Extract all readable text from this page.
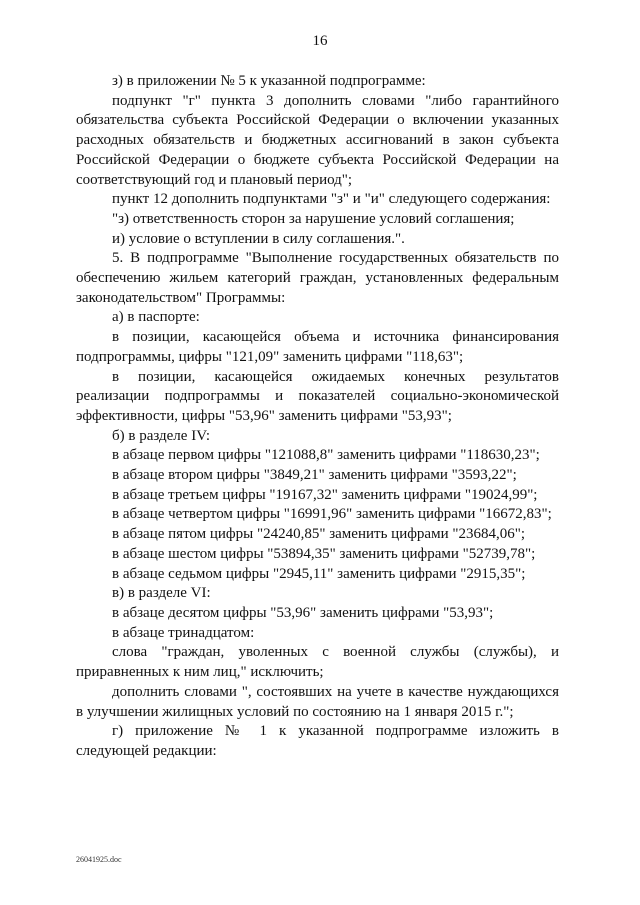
16

з) в приложении № 5 к указанной подпрограмме:

подпункт "г" пункта 3 дополнить словами "либо гарантийного обязательства субъекта Российской Федерации о включении указанных расходных обязательств и бюджетных ассигнований в закон субъекта Российской Федерации о бюджете субъекта Российской Федерации на соответствующий год и плановый период";

пункт 12 дополнить подпунктами "з" и "и" следующего содержания:

"з) ответственность сторон за нарушение условий соглашения;

и) условие о вступлении в силу соглашения.".

5. В подпрограмме "Выполнение государственных обязательств по обеспечению жильем категорий граждан, установленных федеральным законодательством" Программы:

а) в паспорте:

в позиции, касающейся объема и источника финансирования подпрограммы, цифры "121,09" заменить цифрами "118,63";

в позиции, касающейся ожидаемых конечных результатов реализации подпрограммы и показателей социально-экономической эффективности, цифры "53,96" заменить цифрами "53,93";

б) в разделе IV:

в абзаце первом цифры "121088,8" заменить цифрами "118630,23";

в абзаце втором цифры "3849,21" заменить цифрами "3593,22";

в абзаце третьем цифры "19167,32" заменить цифрами "19024,99";

в абзаце четвертом цифры "16991,96" заменить цифрами "16672,83";

в абзаце пятом цифры "24240,85" заменить цифрами "23684,06";

в абзаце шестом цифры "53894,35" заменить цифрами "52739,78";

в абзаце седьмом цифры "2945,11" заменить цифрами "2915,35";

в) в разделе VI:

в абзаце десятом цифры "53,96" заменить цифрами "53,93";

в абзаце тринадцатом:

слова "граждан, уволенных с военной службы (службы), и приравненных к ним лиц," исключить;

дополнить словами ", состоявших на учете в качестве нуждающихся в улучшении жилищных условий по состоянию на 1 января 2015 г.";

г) приложение № 1 к указанной подпрограмме изложить в следующей редакции:

26041925.doc
